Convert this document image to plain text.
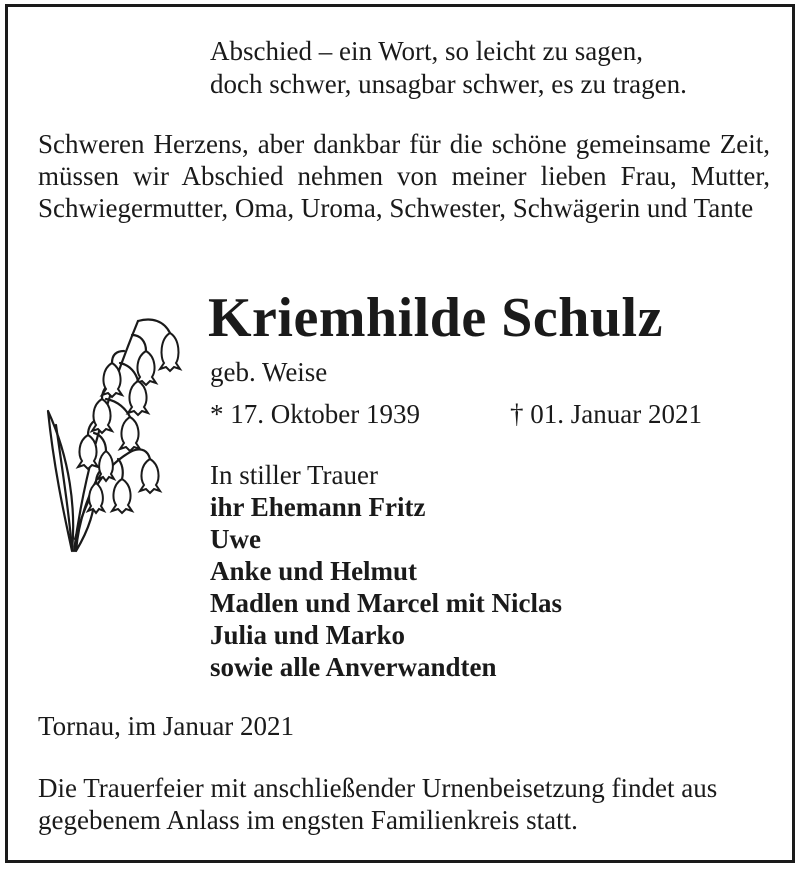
Abschied – ein Wort, so leicht zu sagen,

doch schwer, unsagbar schwer, es zu tragen.

Schweren Herzens, aber dankbar für die schöne gemeinsame Zeit, müssen wir Abschied nehmen von meiner lieben Frau, Mutter, Schwiegermutter, Oma, Uroma, Schwester, Schwägerin und Tante

Kriemhilde Schulz

geb. Weise

* 17. Oktober 1939	† 01. Januar 2021

In stiller Trauer

ihr Ehemann Fritz

Uwe

Anke und Helmut

Madlen und Marcel mit Niclas

Julia und Marko

sowie alle Anverwandten

Tornau, im Januar 2021

Die Trauerfeier mit anschließender Urnenbeisetzung findet aus

gegebenem Anlass im engsten Familienkreis statt.
